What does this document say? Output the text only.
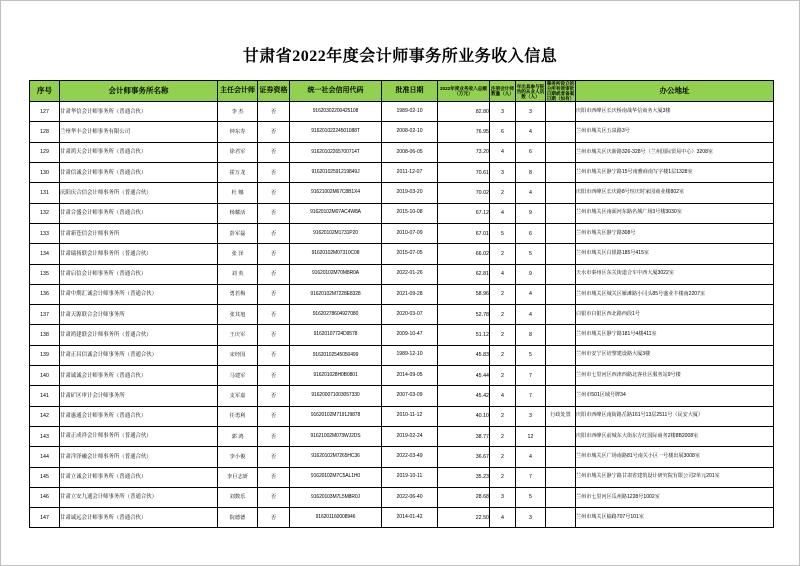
甘肃省2022年度会计师事务所业务收入信息
序号	会计师事务所名称	主任会计师	证券资格	统一社会信用代码	批准日期	2022年度业务收入总额（万元）	注册会计师数量（人）	年出具参与报告的从业人员数（人）	事务所设立的分所有效审批日期或者备案日期（如有）	办公地址
127	甘肃华信会计师事务所（普通合伙）	李 杰	否	91620302200425108	1989-02-10	82.80	3	3		庆阳市西峰区长庆桥南战华信商务大厦3楼
128	兰州华丰会计师事务有限公司	钟东寿	否	91620102224501088T	2008-02-10	76.95	6	4		兰州市城关区五泉路3号
129	甘肃鸿天会计师事务所（普通合伙）	徐君军	否	91620102265700714T	2008-06-05	73.20	4	6		兰州市城关区庆新路326-328号（兰州国际贸易中心）3208室
130	甘肃信诚会计师事务所（普通合伙）	霍万龙	否	91620102591219849J	2011-12-07	70.61	3	8		兰州市城关区静宁路15号南雅商南写字楼1层1328室
131	庆阳庆合信会计师事务所（普通合伙）	杜 娜	否	91621002M67C8B1X4	2019-03-20	70.02	2	4		庆阳市西峰区长庆路8号恒庆时家园商业楼802室
132	甘肃合盛会计师事务所（普通合伙）	杨耀活	否	91620102M07AC4W8A	2015-10-08	67.12	4	9		兰州市城关区南面河东路名城广场3号楼3030室
133	甘肃新苍信会计师事务所	彭军磊	否	91620102M1731P20	2010-07-09	67.01	5	6		兰州市城关区静宁路308号
134	甘肃瑞扬联会计师事务所（普通合伙）	张 泽	否	91620102M07310C08	2015-07-05	66.02	2	5		兰州市城关区白银路185号415室
135	甘肃启信会计师事务所（普通合伙）	刘 英	否	91620102M70M8R0A	2022-01-26	62.81	4	9		天水市秦州区东关街道合车中西大厦3022室
136	甘肃中期汇诚会计师事务所（普通合伙）	勇若梅	否	91620102M7228E8328	2021-09-28	58.96	2	4		兰州市城关区城关区雁滩路小闫头85号盛业丰楼南2207室
137	甘肃天源联合会计师事务所	张其旭	否	91620278604927080	2020-03-07	52.78	2	4		白银市白银区西北路西段1号
138	甘肃鸿建联会计师事务所（普通合伙）	王庆军	否	91620107724D9578	2009-10-47	51.12	2	8		兰州市城关区静宁路181号4楼411室
139	甘肃正昌信诚会计师事务所（普通合伙）	宋经国	否	91620102545050499	1989-12-10	45.83	2	5		兰州市安宁区培黎建设路大厦3楼
140	甘肃诚诚会计师事务所（普通合伙）	马建军	否	916201028H0B0801	2014-09-05	45.44	2	7		兰州市七里河区西津西路北客社区服务站9号楼
141	甘肃矿区审计会计师事务所	支军嘉	否	916200071003057330	2007-03-09	45.42	4	7		兰州市501区域号牌34
142	甘肃惠通会计师事务所（普通合伙）	任勇利	否	91620102M7191J9878	2010-11-12	40.10	2	3	行政处置	庆阳市西峰区南街路岳路161号13层2511号（民安大厦）
143	甘肃正成祥会计师事务所（普通合伙）	郭 鸿	否	91621002M073WJ2DS	2019-02-24	38.77	2	12		庆阳市西峰区前城东大街东方红国际商务2楼8B2008室
144	甘肃洋泽融会计师事务所（普通合伙）	李小俊	否	91620102M7265HC36	2022-03-49	36.67	2	4		兰州市城关区广场南路81号南关小区一号楼出展3008室
145	甘肃立诚会计师事务所（普通合伙）	李巨志妍	否	91620102M7C5AL1H0	2019-10-11	35.23	2	7		兰州市城关区静宁路甘肃省建筑设计研究院有限公司2单元201室
146	甘肃立安九通会计师事务所（普通合伙）	刘数乐	否	91620103M7L5M8R0J	2022-06-40	28.68	3	5		兰州市七里河区瓜州路1228号1002室
147	甘肃诚远会计师事务所（普通合伙）	院德德	否	916201160008946	2014-01-42	22.50	4	3		兰州市城关区榆路707号101室
